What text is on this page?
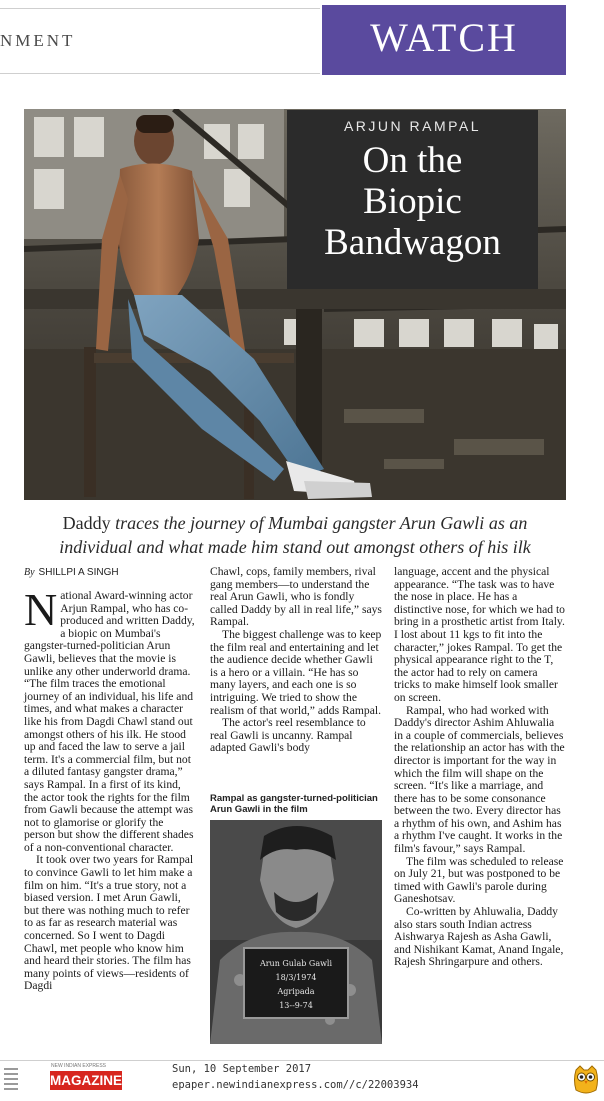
NMENT	WATCH
ARJUN RAMPAL
On the
Biopic
Bandwagon
Daddy traces the journey of Mumbai gangster Arun Gawli as an individual and what made him stand out amongst others of his ilk
By SHILLPI A SINGH

National Award-winning actor Arjun Rampal, who has co-produced and written Daddy, a biopic on Mumbai's gangster-turned-politician Arun Gawli, believes that the movie is unlike any other underworld drama. “The film traces the emotional journey of an individual, his life and times, and what makes a character like his from Dagdi Chawl stand out amongst others of his ilk. He stood up and faced the law to serve a jail term. It's a commercial film, but not a diluted fantasy gangster drama,” says Rampal. In a first of its kind, the actor took the rights for the film from Gawli because the attempt was not to glamorise or glorify the person but show the different shades of a non-conventional character.

It took over two years for Rampal to convince Gawli to let him make a film on him. “It's a true story, not a biased version. I met Arun Gawli, but there was nothing much to refer to as far as research material was concerned. So I went to Dagdi Chawl, met people who know him and heard their stories. The film has many points of views—residents of Dagdi

Chawl, cops, family members, rival gang members—to understand the real Arun Gawli, who is fondly called Daddy by all in real life,” says Rampal.

The biggest challenge was to keep the film real and entertaining and let the audience decide whether Gawli is a hero or a villain. “He has so many layers, and each one is so intriguing. We tried to show the realism of that world,” adds Rampal.

The actor's reel resemblance to real Gawli is uncanny. Rampal adapted Gawli's body

Rampal as gangster-turned-politician Arun Gawli in the film
Arun Gulab Gawli
18/3/1974
Agripada
13--9-74

language, accent and the physical appearance. “The task was to have the nose in place. He has a distinctive nose, for which we had to bring in a prosthetic artist from Italy. I lost about 11 kgs to fit into the character,” jokes Rampal. To get the physical appearance right to the T, the actor had to rely on camera tricks to make himself look smaller on screen.

Rampal, who had worked with Daddy's director Ashim Ahluwalia in a couple of commercials, believes the relationship an actor has with the director is important for the way in which the film will shape on the screen. “It's like a marriage, and there has to be some consonance between the two. Every director has a rhythm of his own, and Ashim has a rhythm I've caught. It works in the film's favour,” says Rampal.

The film was scheduled to release on July 21, but was postponed to be timed with Gawli's parole during Ganeshotsav.

Co-written by Ahluwalia, Daddy also stars south Indian actress Aishwarya Rajesh as Asha Gawli, and Nishikant Kamat, Anand Ingale, Rajesh Shringarpure and others.

NEW INDIAN EXPRESS
MAGAZINE
Sun, 10 September 2017
epaper.newindianexpress.com//c/22003934
